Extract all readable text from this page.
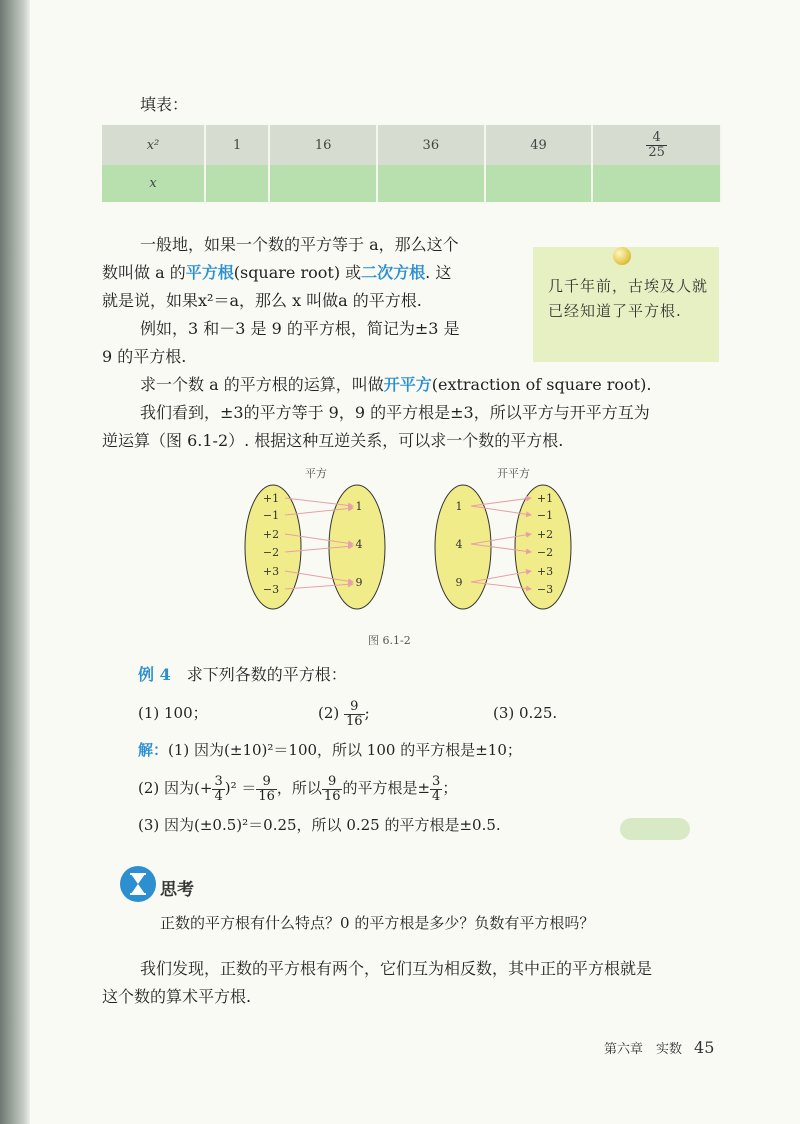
填表：
x²	1	16	36	49	$\frac{4}{25}$

x					
一般地，如果一个数的平方等于 a，那么这个
数叫做 a 的平方根(square root) 或二次方根. 这
就是说，如果x²＝a，那么 x 叫做a 的平方根.
例如，3 和－3 是 9 的平方根，简记为±3 是
9 的平方根.
几千年前，古埃及人就已经知道了平方根.
求一个数 a 的平方根的运算，叫做开平方(extraction of square root).
我们看到，±3的平方等于 9，9 的平方根是±3，所以平方与开平方互为
逆运算（图 6.1-2）. 根据这种互逆关系，可以求一个数的平方根.
平方	开平方
+1
−1
+2
−2
+3
−3
1
4
9
1
4
9
+1
−1
+2
−2
+3
−3
图 6.1-2
例 4　 求下列各数的平方根：
(1) 100；	$(2) \frac{9}{16}$ ;	(3) 0.25.
解：(1) 因为(±10)²＝100，所以 100 的平方根是±10；
(2) 因为(+ $\frac{3}{4} )^2 = \frac{9}{16}$ ，所以 $\frac{9}{16}$ 的平方根是± $\frac{3}{4}$ ；
(3) 因为(±0.5)²＝0.25，所以 0.25 的平方根是±0.5.
思考
正数的平方根有什么特点？0 的平方根是多少？负数有平方根吗？
我们发现，正数的平方根有两个，它们互为相反数，其中正的平方根就是
这个数的算术平方根.
第六章　实数 45
